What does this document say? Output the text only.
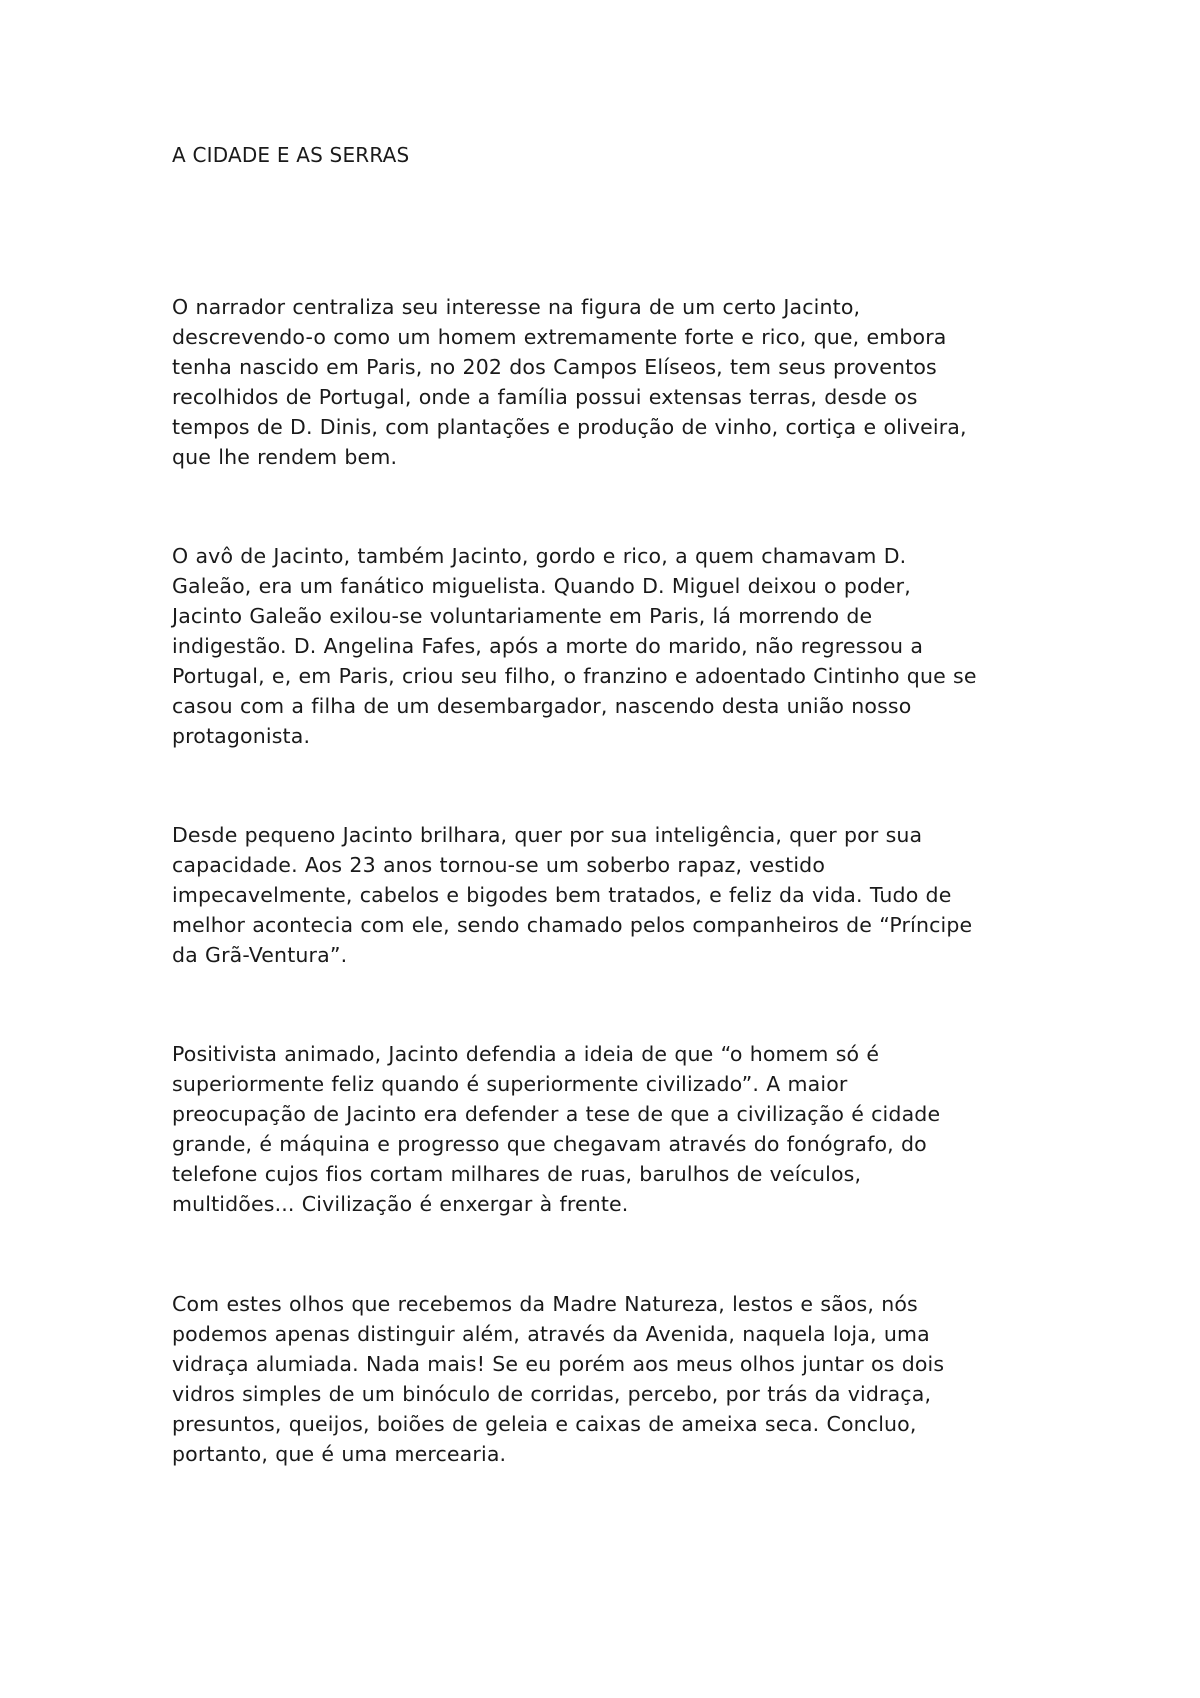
A CIDADE E AS SERRAS

O narrador centraliza seu interesse na figura de um certo Jacinto,
descrevendo-o como um homem extremamente forte e rico, que, embora
tenha nascido em Paris, no 202 dos Campos Elíseos, tem seus proventos
recolhidos de Portugal, onde a família possui extensas terras, desde os
tempos de D. Dinis, com plantações e produção de vinho, cortiça e oliveira,
que lhe rendem bem.

O avô de Jacinto, também Jacinto, gordo e rico, a quem chamavam D.
Galeão, era um fanático miguelista. Quando D. Miguel deixou o poder,
Jacinto Galeão exilou-se voluntariamente em Paris, lá morrendo de
indigestão. D. Angelina Fafes, após a morte do marido, não regressou a
Portugal, e, em Paris, criou seu filho, o franzino e adoentado Cintinho que se
casou com a filha de um desembargador, nascendo desta união nosso
protagonista.

Desde pequeno Jacinto brilhara, quer por sua inteligência, quer por sua
capacidade. Aos 23 anos tornou-se um soberbo rapaz, vestido
impecavelmente, cabelos e bigodes bem tratados, e feliz da vida. Tudo de
melhor acontecia com ele, sendo chamado pelos companheiros de “Príncipe
da Grã-Ventura”.

Positivista animado, Jacinto defendia a ideia de que “o homem só é
superiormente feliz quando é superiormente civilizado”. A maior
preocupação de Jacinto era defender a tese de que a civilização é cidade
grande, é máquina e progresso que chegavam através do fonógrafo, do
telefone cujos fios cortam milhares de ruas, barulhos de veículos,
multidões... Civilização é enxergar à frente.

Com estes olhos que recebemos da Madre Natureza, lestos e sãos, nós
podemos apenas distinguir além, através da Avenida, naquela loja, uma
vidraça alumiada. Nada mais! Se eu porém aos meus olhos juntar os dois
vidros simples de um binóculo de corridas, percebo, por trás da vidraça,
presuntos, queijos, boiões de geleia e caixas de ameixa seca. Concluo,
portanto, que é uma mercearia.
